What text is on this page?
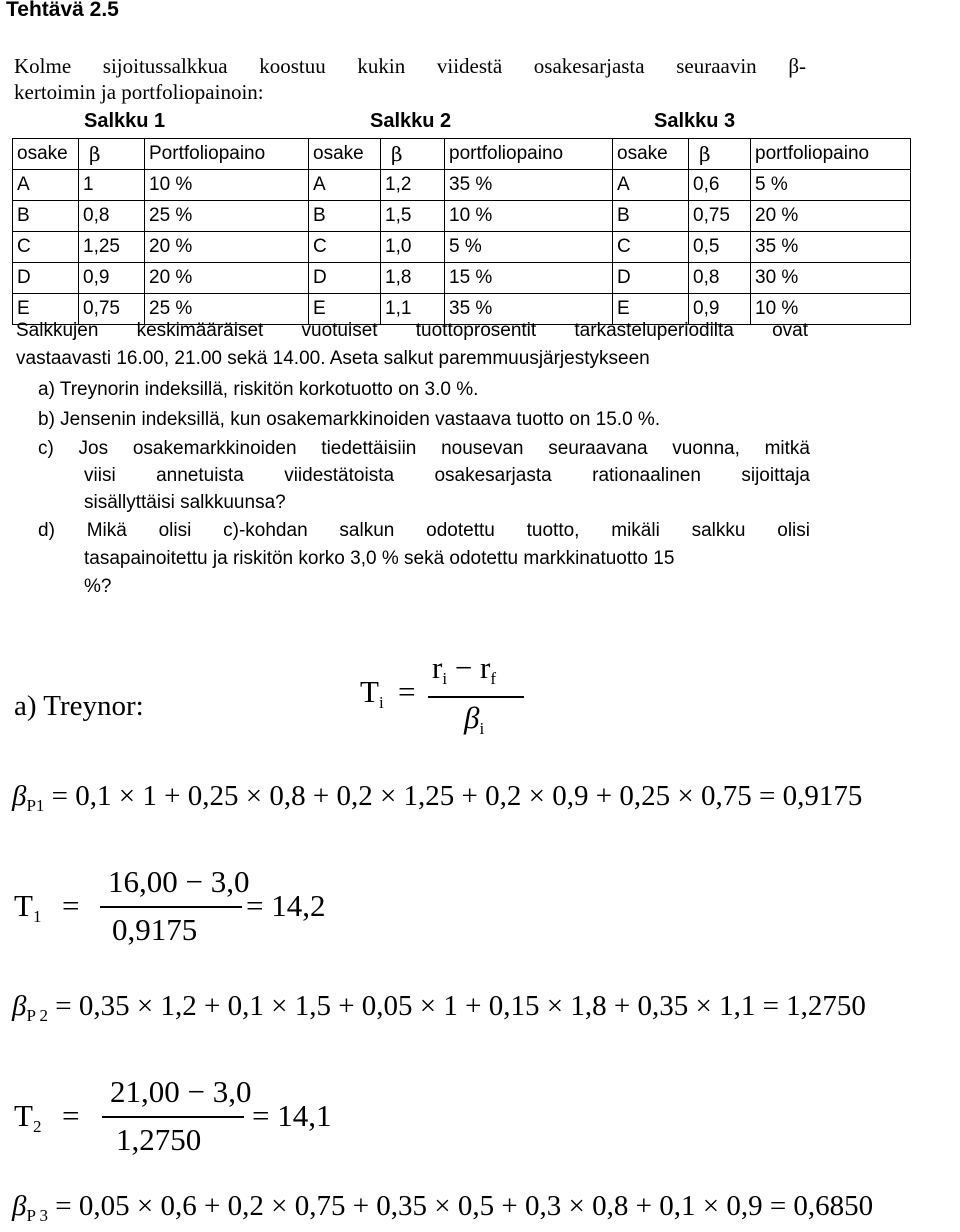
Tehtävä 2.5
Kolme sijoitussalkkua koostuu kukin viidestä osakesarjasta seuraavin β-
kertoimin ja portfoliopainoin:
Salkku 1	Salkku 2	Salkku 3
osake	β	Portfoliopaino	osake	β	portfoliopaino	osake	β	portfoliopaino
A	1	10 %	A	1,2	35 %	A	0,6	5 %
B	0,8	25 %	B	1,5	10 %	B	0,75	20 %
C	1,25	20 %	C	1,0	5 %	C	0,5	35 %
D	0,9	20 %	D	1,8	15 %	D	0,8	30 %
E	0,75	25 %	E	1,1	35 %	E	0,9	10 %
Salkkujen keskimääräiset vuotuiset tuottoprosentit tarkasteluperiodilta ovat
vastaavasti 16.00, 21.00 sekä 14.00. Aseta salkut paremmuusjärjestykseen
a) Treynorin indeksillä, riskitön korkotuotto on 3.0 %.
b) Jensenin indeksillä, kun osakemarkkinoiden vastaava tuotto on 15.0 %.
c) Jos osakemarkkinoiden tiedettäisiin nousevan seuraavana vuonna, mitkä
viisi annetuista viidestätoista osakesarjasta rationaalinen sijoittaja
sisällyttäisi salkkuunsa?
d) Mikä olisi c)-kohdan salkun odotettu tuotto, mikäli salkku olisi
tasapainoitettu ja riskitön korko 3,0 % sekä odotettu markkinatuotto 15
%?
a) Treynor:	$T_i$ =
$r_i - r_f$
$\beta_i$
$\beta_{P1} = 0,1 \times 1 + 0,25 \times 0,8 + 0,2 \times 1,25 + 0,2 \times 0,9 + 0,25 \times 0,75 = 0,9175$
$T_1$ =
16,00 − 3,0
0,9175
= 14,2
$\beta_{P 2} = 0,35 \times 1,2 + 0,1 \times 1,5 + 0,05 \times 1 + 0,15 \times 1,8 + 0,35 \times 1,1 = 1,2750$
$T_2$ =
21,00 − 3,0
1,2750
= 14,1
$\beta_{P 3} = 0,05 \times 0,6 + 0,2 \times 0,75 + 0,35 \times 0,5 + 0,3 \times 0,8 + 0,1 \times 0,9 = 0,6850$
